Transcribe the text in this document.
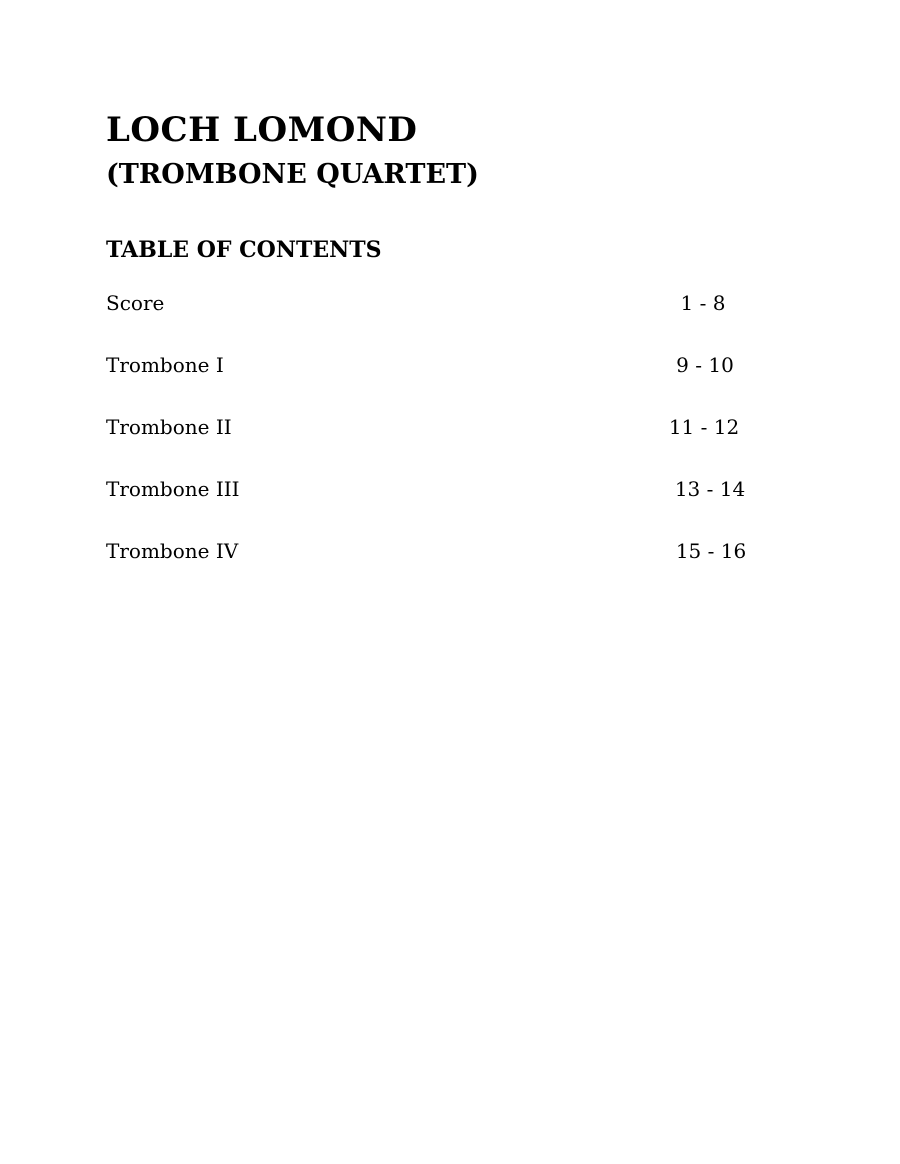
LOCH LOMOND
(TROMBONE QUARTET)
TABLE OF CONTENTS
Score	1 - 8
Trombone I	9 - 10
Trombone II	11 - 12
Trombone III	13 - 14
Trombone IV	15 - 16
